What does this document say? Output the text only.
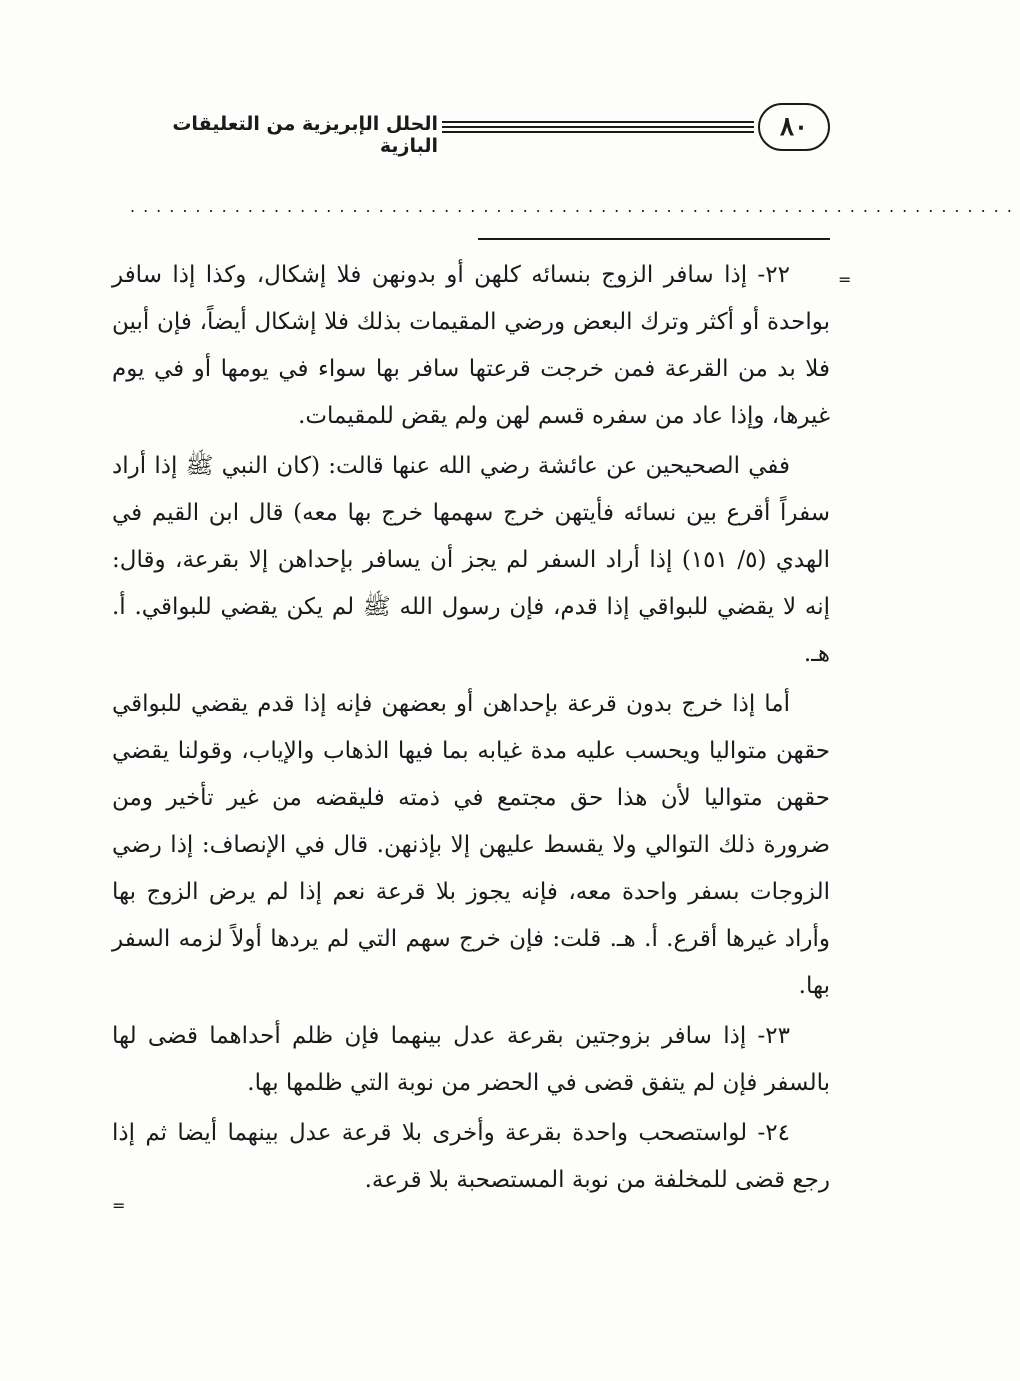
٨٠
الحلل الإبريزية من التعليقات البازية
....................................................................
=

٢٢- إذا سافر الزوج بنسائه كلهن أو بدونهن فلا إشكال، وكذا إذا سافر بواحدة أو أكثر وترك البعض ورضي المقيمات بذلك فلا إشكال أيضاً، فإن أبين فلا بد من القرعة فمن خرجت قرعتها سافر بها سواء في يومها أو في يوم غيرها، وإذا عاد من سفره قسم لهن ولم يقض للمقيمات.

ففي الصحيحين عن عائشة رضي الله عنها قالت: (كان النبي ﷺ إذا أراد سفراً أقرع بين نسائه فأيتهن خرج سهمها خرج بها معه) قال ابن القيم في الهدي (٥/ ١٥١) إذا أراد السفر لم يجز أن يسافر بإحداهن إلا بقرعة، وقال: إنه لا يقضي للبواقي إذا قدم، فإن رسول الله ﷺ لم يكن يقضي للبواقي. أ. هـ.

أما إذا خرج بدون قرعة بإحداهن أو بعضهن فإنه إذا قدم يقضي للبواقي حقهن متواليا ويحسب عليه مدة غيابه بما فيها الذهاب والإياب، وقولنا يقضي حقهن متواليا لأن هذا حق مجتمع في ذمته فليقضه من غير تأخير ومن ضرورة ذلك التوالي ولا يقسط عليهن إلا بإذنهن. قال في الإنصاف: إذا رضي الزوجات بسفر واحدة معه، فإنه يجوز بلا قرعة نعم إذا لم يرض الزوج بها وأراد غيرها أقرع. أ. هـ. قلت: فإن خرج سهم التي لم يردها أولاً لزمه السفر بها.

٢٣- إذا سافر بزوجتين بقرعة عدل بينهما فإن ظلم أحداهما قضى لها بالسفر فإن لم يتفق قضى في الحضر من نوبة التي ظلمها بها.

٢٤- لواستصحب واحدة بقرعة وأخرى بلا قرعة عدل بينهما أيضا ثم إذا رجع قضى للمخلفة من نوبة المستصحبة بلا قرعة.

=
